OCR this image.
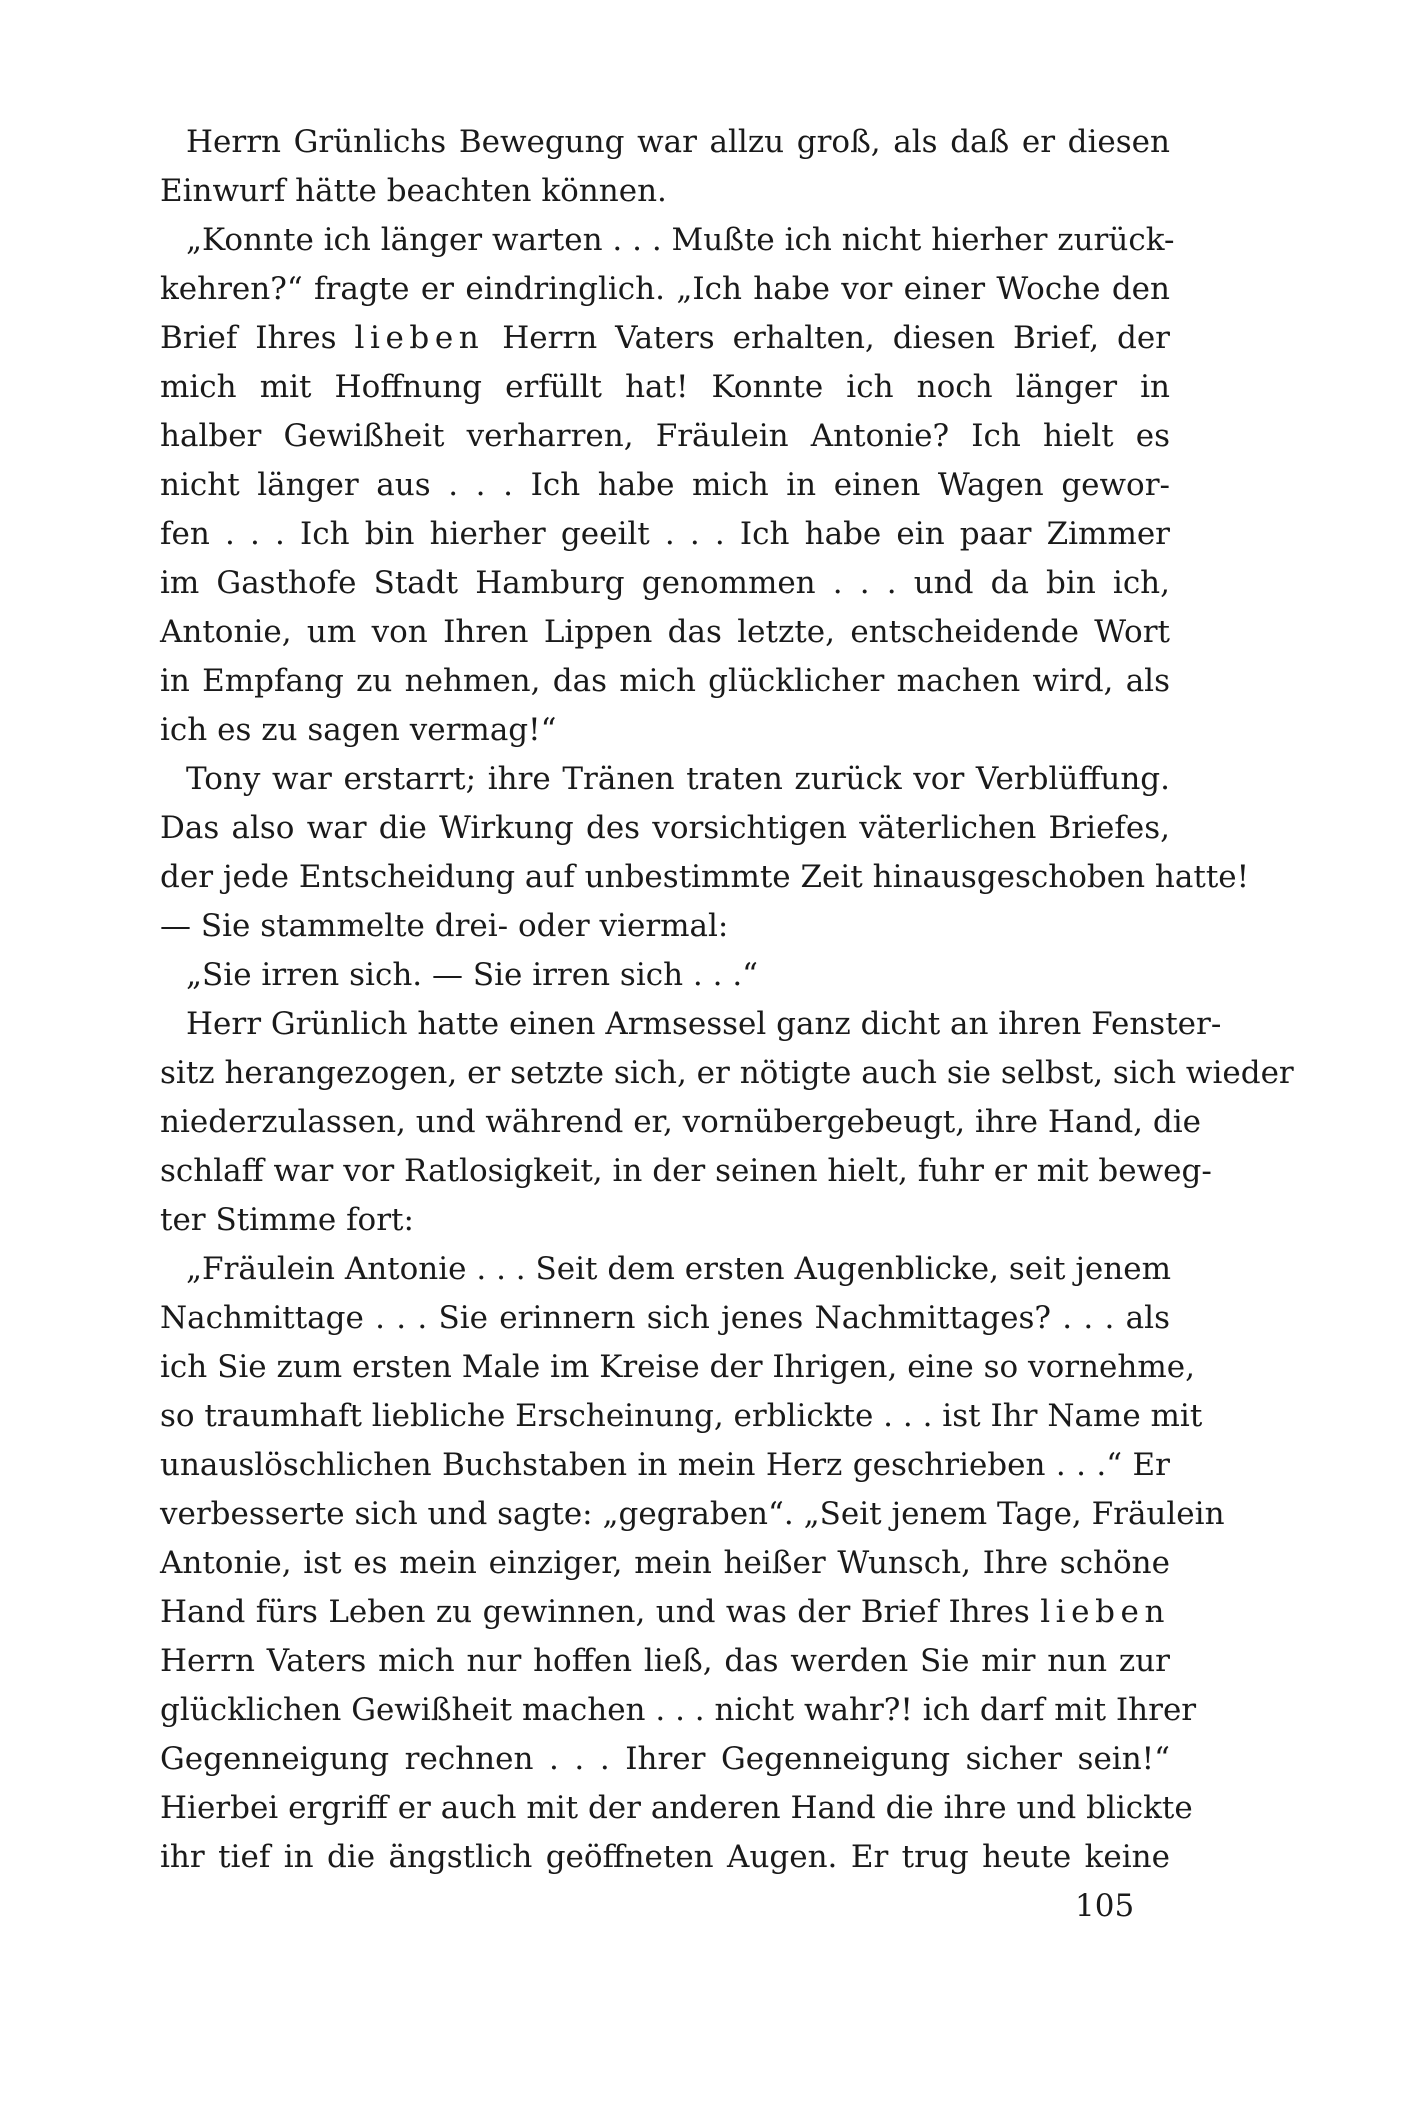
Herrn Grünlichs Bewegung war allzu groß, als daß er diesen
Einwurf hätte beachten können.
„Konnte ich länger warten . . . Mußte ich nicht hierher zurück-
kehren?“ fragte er eindringlich. „Ich habe vor einer Woche den
Brief Ihres lieben Herrn Vaters erhalten, diesen Brief, der
mich mit Hoffnung erfüllt hat! Konnte ich noch länger in
halber Gewißheit verharren, Fräulein Antonie? Ich hielt es
nicht länger aus . . . Ich habe mich in einen Wagen gewor-
fen . . . Ich bin hierher geeilt . . . Ich habe ein paar Zimmer
im Gasthofe Stadt Hamburg genommen . . . und da bin ich,
Antonie, um von Ihren Lippen das letzte, entscheidende Wort
in Empfang zu nehmen, das mich glücklicher machen wird, als
ich es zu sagen vermag!“
Tony war erstarrt; ihre Tränen traten zurück vor Verblüffung.
Das also war die Wirkung des vorsichtigen väterlichen Briefes,
der jede Entscheidung auf unbestimmte Zeit hinausgeschoben hatte!
— Sie stammelte drei- oder viermal:
„Sie irren sich. — Sie irren sich . . .“
Herr Grünlich hatte einen Armsessel ganz dicht an ihren Fenster-
sitz herangezogen, er setzte sich, er nötigte auch sie selbst, sich wieder
niederzulassen, und während er, vornübergebeugt, ihre Hand, die
schlaff war vor Ratlosigkeit, in der seinen hielt, fuhr er mit beweg-
ter Stimme fort:
„Fräulein Antonie . . . Seit dem ersten Augenblicke, seit jenem
Nachmittage . . . Sie erinnern sich jenes Nachmittages? . . . als
ich Sie zum ersten Male im Kreise der Ihrigen, eine so vornehme,
so traumhaft liebliche Erscheinung, erblickte . . . ist Ihr Name mit
unauslöschlichen Buchstaben in mein Herz geschrieben . . .“ Er
verbesserte sich und sagte: „gegraben“. „Seit jenem Tage, Fräulein
Antonie, ist es mein einziger, mein heißer Wunsch, Ihre schöne
Hand fürs Leben zu gewinnen, und was der Brief Ihres lieben
Herrn Vaters mich nur hoffen ließ, das werden Sie mir nun zur
glücklichen Gewißheit machen . . . nicht wahr?! ich darf mit Ihrer
Gegenneigung rechnen . . . Ihrer Gegenneigung sicher sein!“
Hierbei ergriff er auch mit der anderen Hand die ihre und blickte
ihr tief in die ängstlich geöffneten Augen. Er trug heute keine
105
